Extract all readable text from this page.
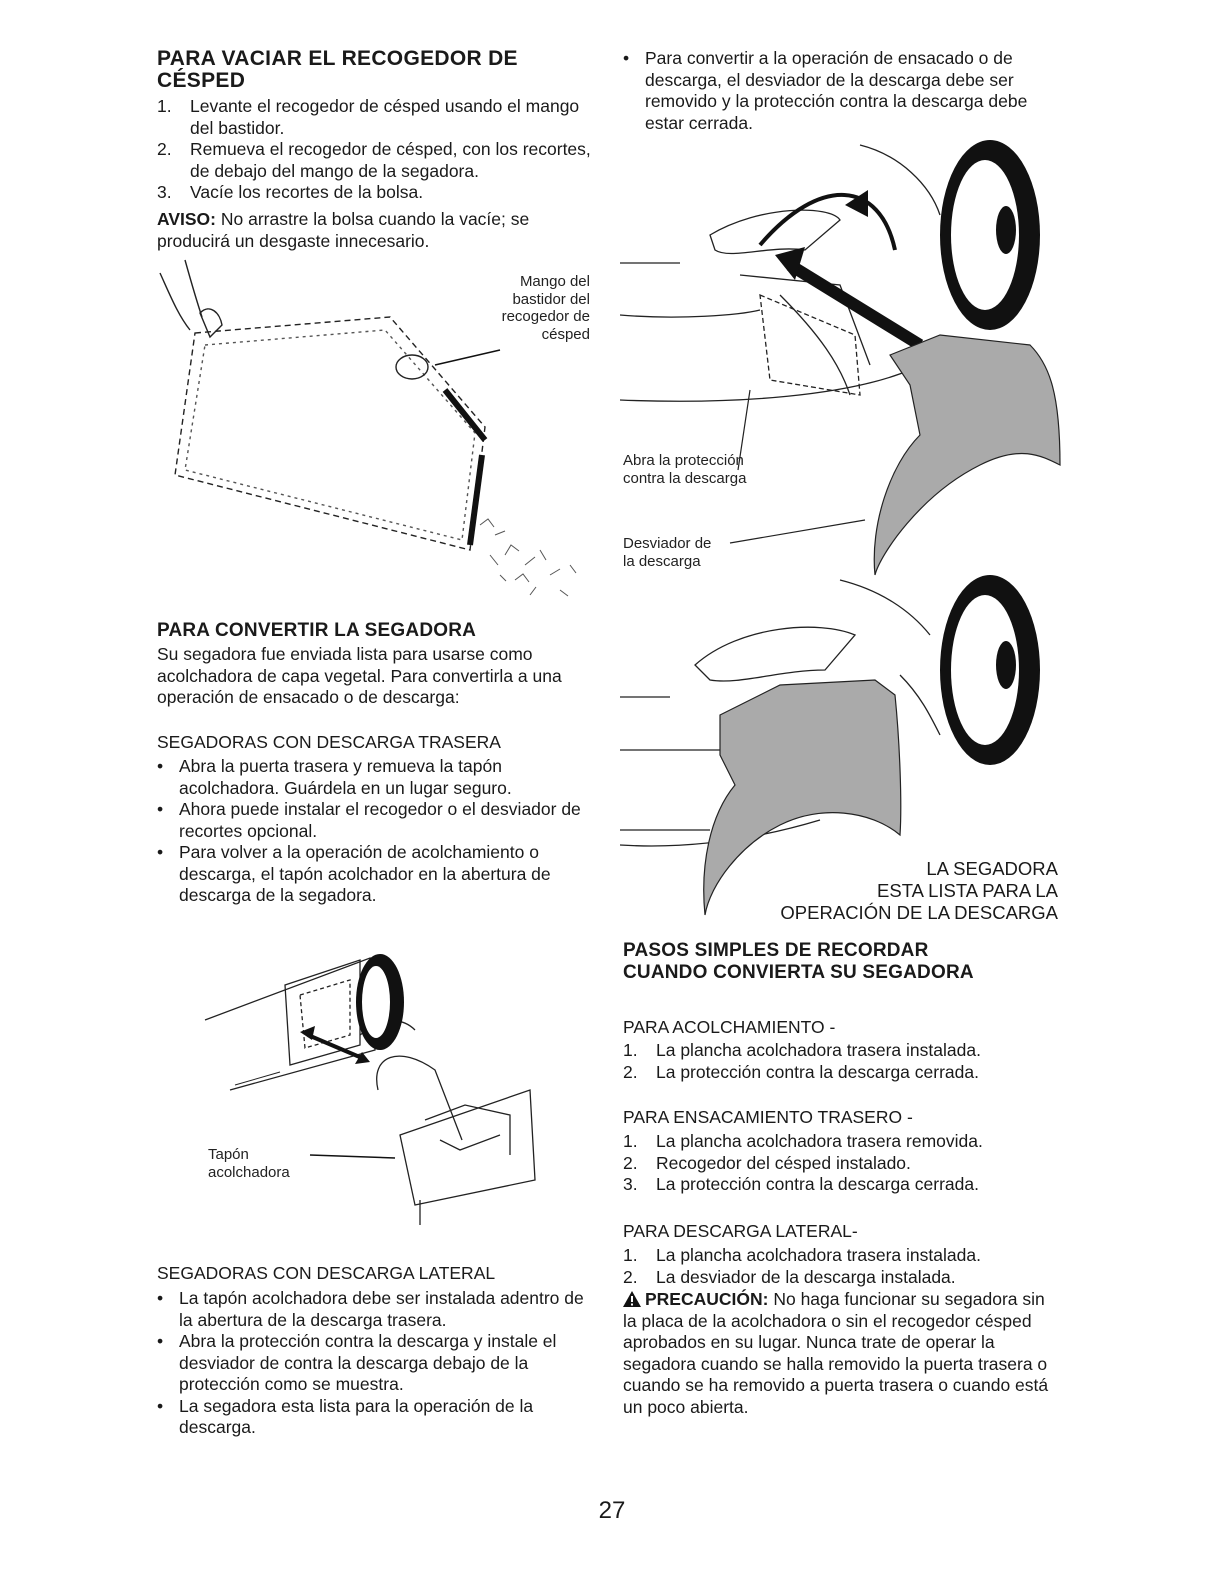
PARA VACIAR EL RECOGEDOR DE
CÉSPED
1. Levante el recogedor de césped usando el mango del bastidor.
2. Remueva el recogedor de césped, con los recortes, de debajo del mango de la segadora.
3. Vacíe los recortes de la bolsa.
AVISO: No arrastre la bolsa cuando la vacíe; se producirá un desgaste innecesario.
Mango del bastidor del recogedor de césped
PARA CONVERTIR LA SEGADORA
Su segadora fue enviada lista para usarse como acolchadora de capa vegetal. Para convertirla a una operación de ensacado o de descarga:
SEGADORAS CON DESCARGA TRASERA
• Abra la puerta trasera y remueva la tapón acolchadora. Guárdela en un lugar seguro.
• Ahora puede instalar el recogedor o el desviador de recortes opcional.
• Para volver a la operación de acolchamiento o descarga, el tapón acolchador en la abertura de descarga de la segadora.
Tapón
acolchadora
SEGADORAS CON DESCARGA LATERAL
• La tapón acolchadora debe ser instalada adentro de la abertura de la descarga trasera.
• Abra la protección contra la descarga y instale el desviador de contra la descarga debajo de la protección como se muestra.
• La segadora esta lista para la operación de la descarga.
• Para convertir a la operación de ensacado o de descarga, el desviador de la descarga debe ser removido y la protección contra la descarga debe estar cerrada.
Abra la protección
contra la descarga
Desviador de
la descarga
LA SEGADORA
ESTA LISTA PARA LA
OPERACIÓN DE LA DESCARGA
PASOS SIMPLES DE RECORDAR
CUANDO CONVIERTA SU SEGADORA
PARA ACOLCHAMIENTO -
1. La plancha acolchadora trasera instalada.
2. La protección contra la descarga cerrada.
PARA ENSACAMIENTO TRASERO -
1. La plancha acolchadora trasera removida.
2. Recogedor del césped instalado.
3. La protección contra la descarga cerrada.
PARA DESCARGA LATERAL-
1. La plancha acolchadora trasera instalada.
2. La desviador de la descarga instalada.
PRECAUCIÓN: No haga funcionar su segadora sin la placa de la acolchadora o sin el recogedor césped aprobados en su lugar. Nunca trate de operar la segadora cuando se halla removido la puerta trasera o cuando se ha removido a puerta trasera o cuando está un poco abierta.
27
